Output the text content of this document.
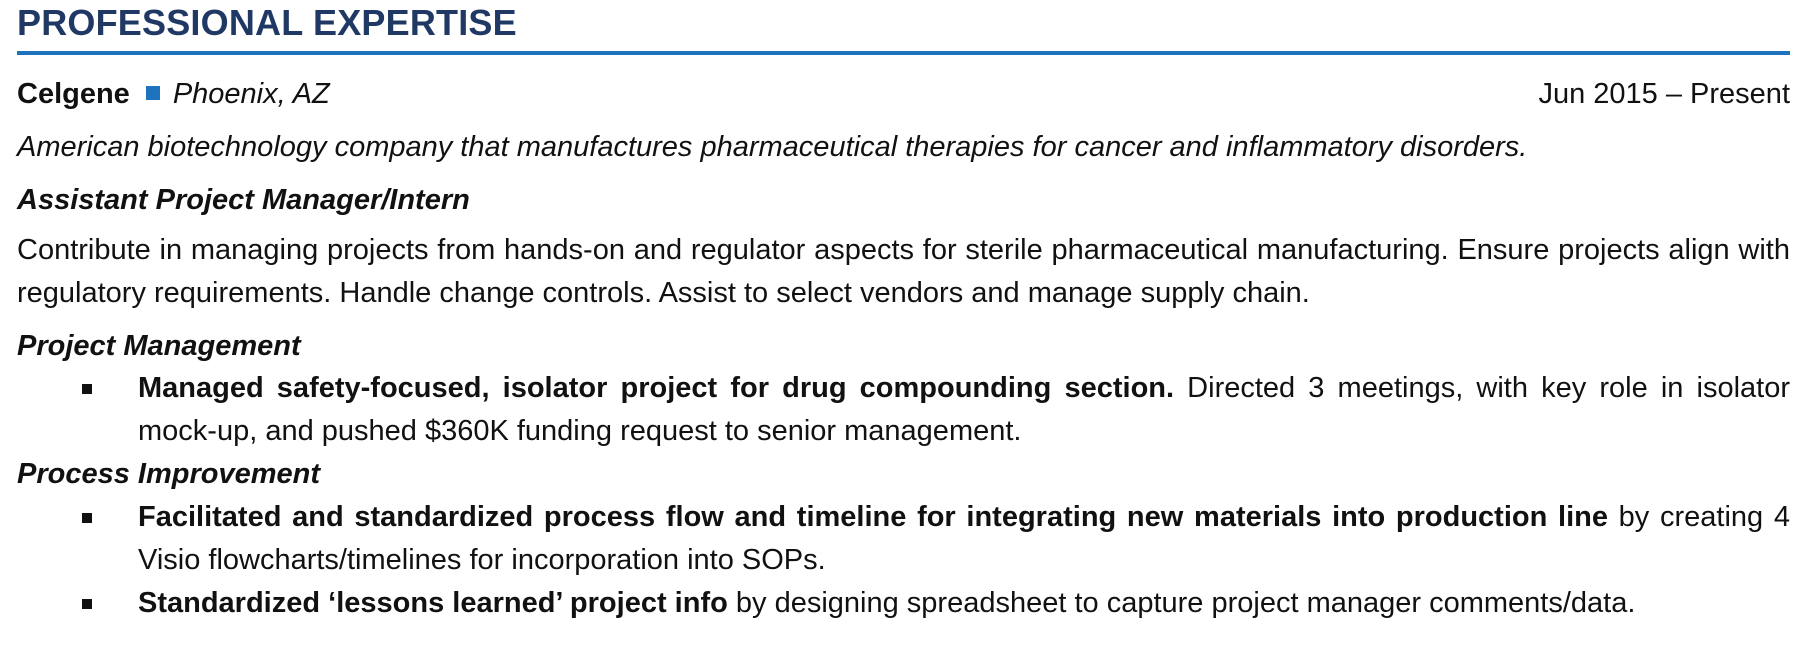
PROFESSIONAL EXPERTISE
Celgene Phoenix, AZ	Jun 2015 – Present
American biotechnology company that manufactures pharmaceutical therapies for cancer and inflammatory disorders.
Assistant Project Manager/Intern
Contribute in managing projects from hands-on and regulator aspects for sterile pharmaceutical manufacturing. Ensure projects align with regulatory requirements. Handle change controls. Assist to select vendors and manage supply chain.
Project Management
Managed safety-focused, isolator project for drug compounding section. Directed 3 meetings, with key role in isolator mock-up, and pushed $360K funding request to senior management.
Process Improvement
Facilitated and standardized process flow and timeline for integrating new materials into production line by creating 4 Visio flowcharts/timelines for incorporation into SOPs.
Standardized ‘lessons learned’ project info by designing spreadsheet to capture project manager comments/data.
